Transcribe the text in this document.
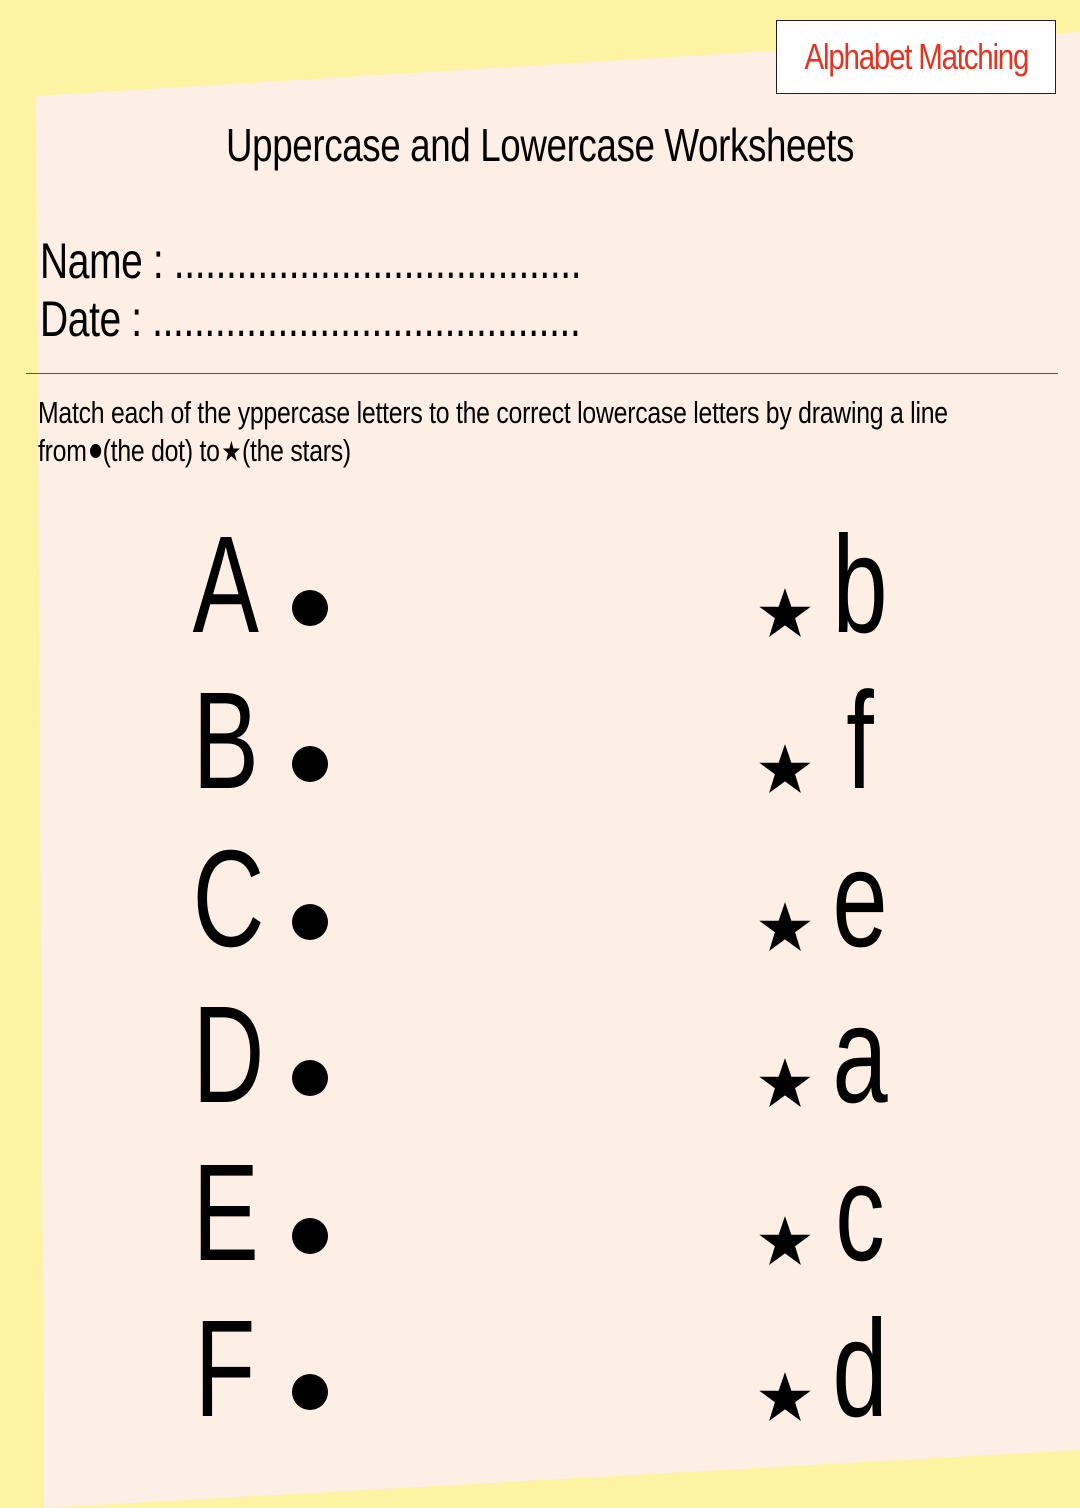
Alphabet Matching
Uppercase and Lowercase Worksheets
Name : .......................................
Date : .........................................
Match each of the yppercase letters to the correct lowercase letters by drawing a line
from (the dot) to★(the stars)
A	b
B	f
C	e
D	a
E	c
F	d
